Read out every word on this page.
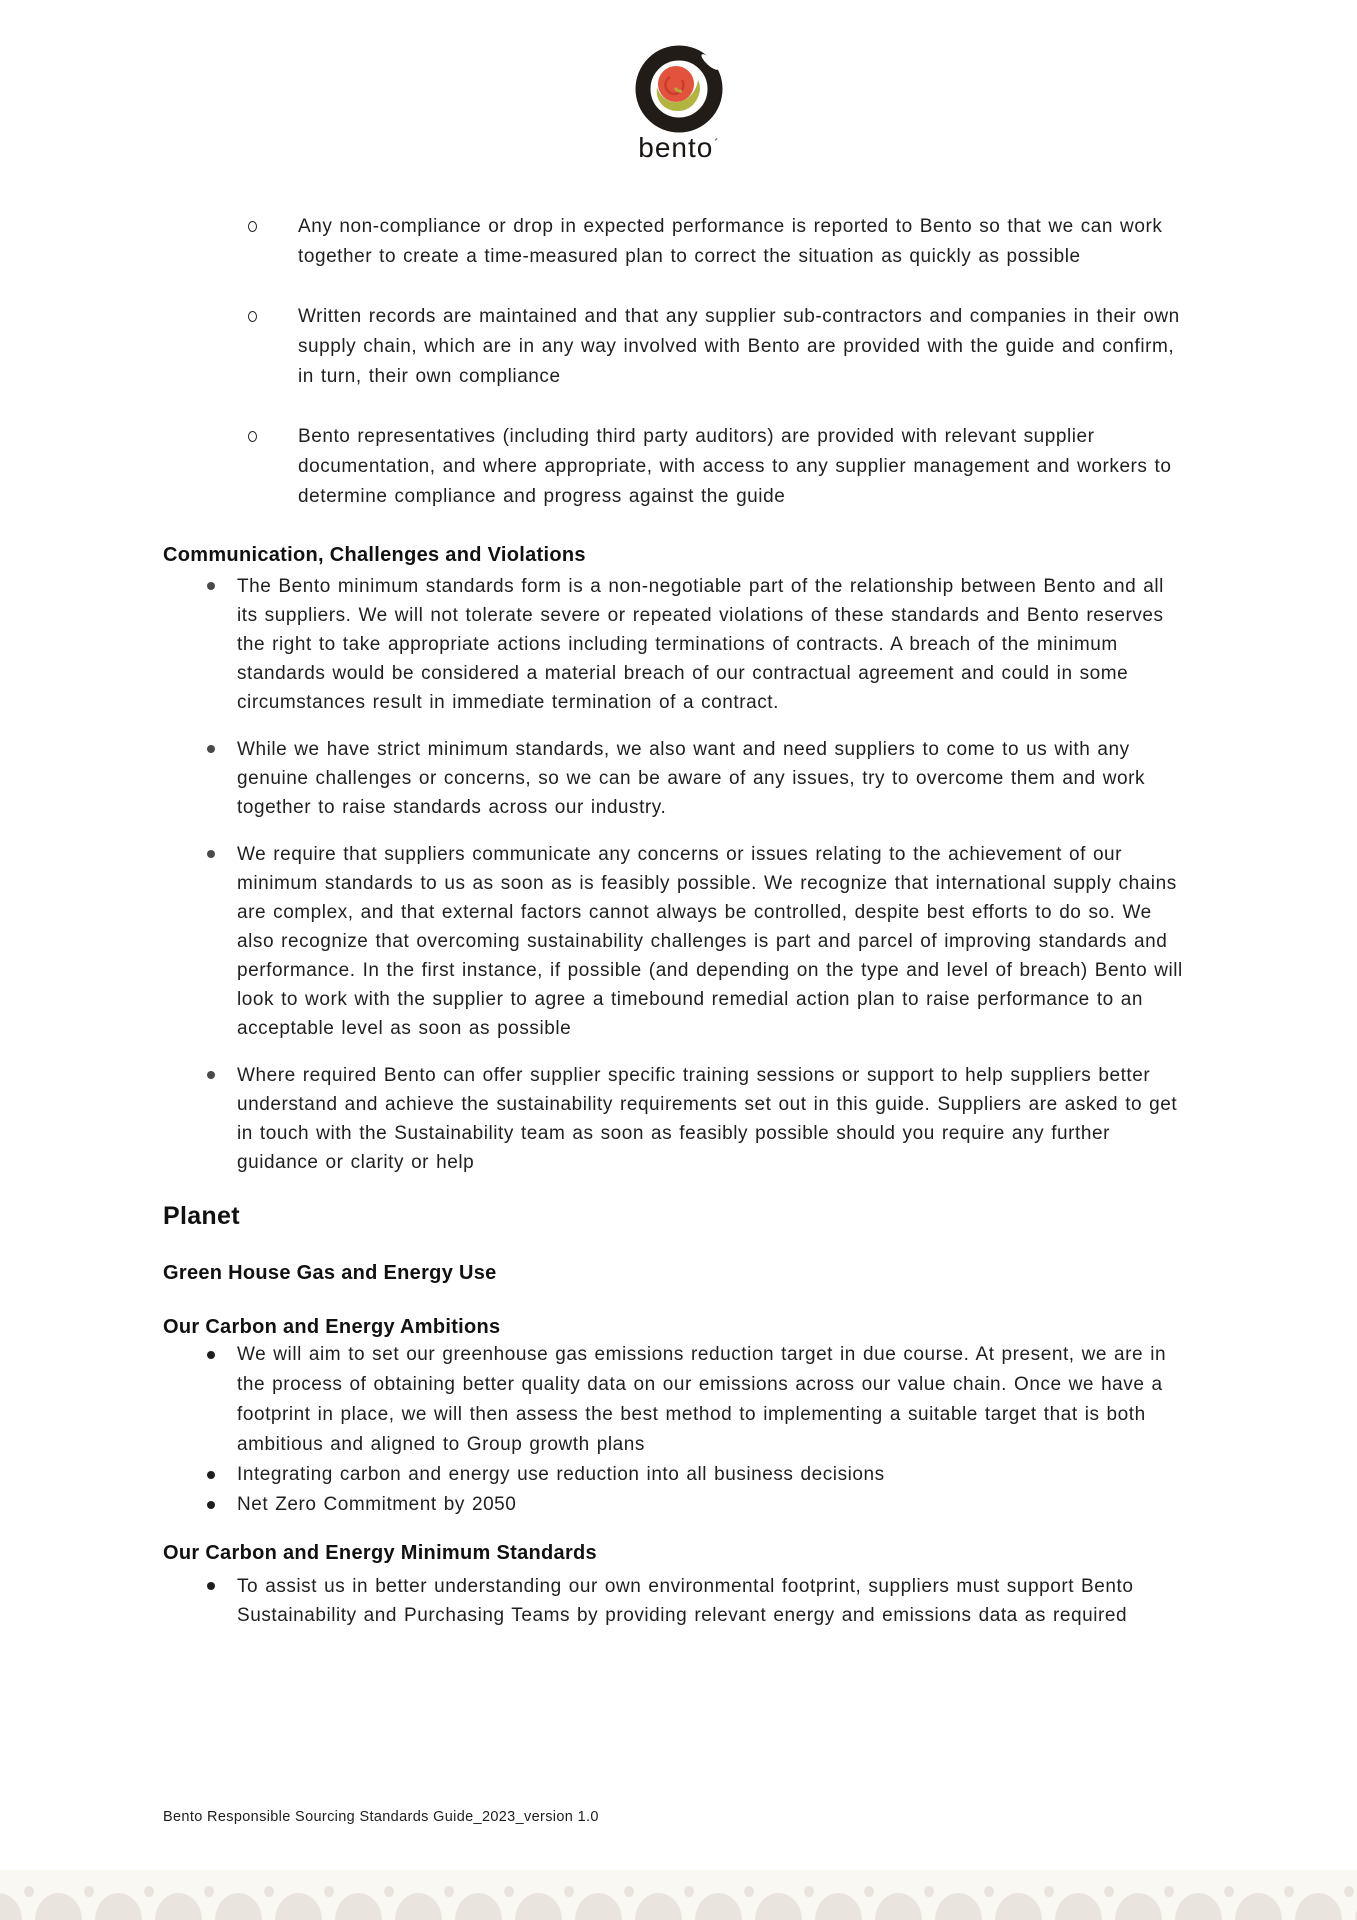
bento´
Any non-compliance or drop in expected performance is reported to Bento so that we can work together to create a time-measured plan to correct the situation as quickly as possible
Written records are maintained and that any supplier sub-contractors and companies in their own supply chain, which are in any way involved with Bento are provided with the guide and confirm, in turn, their own compliance
Bento representatives (including third party auditors) are provided with relevant supplier documentation, and where appropriate, with access to any supplier management and workers to determine compliance and progress against the guide
Communication, Challenges and Violations
The Bento minimum standards form is a non-negotiable part of the relationship between Bento and all its suppliers. We will not tolerate severe or repeated violations of these standards and Bento reserves the right to take appropriate actions including terminations of contracts. A breach of the minimum standards would be considered a material breach of our contractual agreement and could in some circumstances result in immediate termination of a contract.
While we have strict minimum standards, we also want and need suppliers to come to us with any genuine challenges or concerns, so we can be aware of any issues, try to overcome them and work together to raise standards across our industry.
We require that suppliers communicate any concerns or issues relating to the achievement of our minimum standards to us as soon as is feasibly possible. We recognize that international supply chains are complex, and that external factors cannot always be controlled, despite best efforts to do so. We also recognize that overcoming sustainability challenges is part and parcel of improving standards and performance. In the first instance, if possible (and depending on the type and level of breach) Bento will look to work with the supplier to agree a timebound remedial action plan to raise performance to an acceptable level as soon as possible
Where required Bento can offer supplier specific training sessions or support to help suppliers better understand and achieve the sustainability requirements set out in this guide. Suppliers are asked to get in touch with the Sustainability team as soon as feasibly possible should you require any further guidance or clarity or help
Planet
Green House Gas and Energy Use
Our Carbon and Energy Ambitions
We will aim to set our greenhouse gas emissions reduction target in due course. At present, we are in the process of obtaining better quality data on our emissions across our value chain. Once we have a footprint in place, we will then assess the best method to implementing a suitable target that is both ambitious and aligned to Group growth plans
Integrating carbon and energy use reduction into all business decisions
Net Zero Commitment by 2050
Our Carbon and Energy Minimum Standards
To assist us in better understanding our own environmental footprint, suppliers must support Bento Sustainability and Purchasing Teams by providing relevant energy and emissions data as required
Bento Responsible Sourcing Standards Guide_2023_version 1.0
